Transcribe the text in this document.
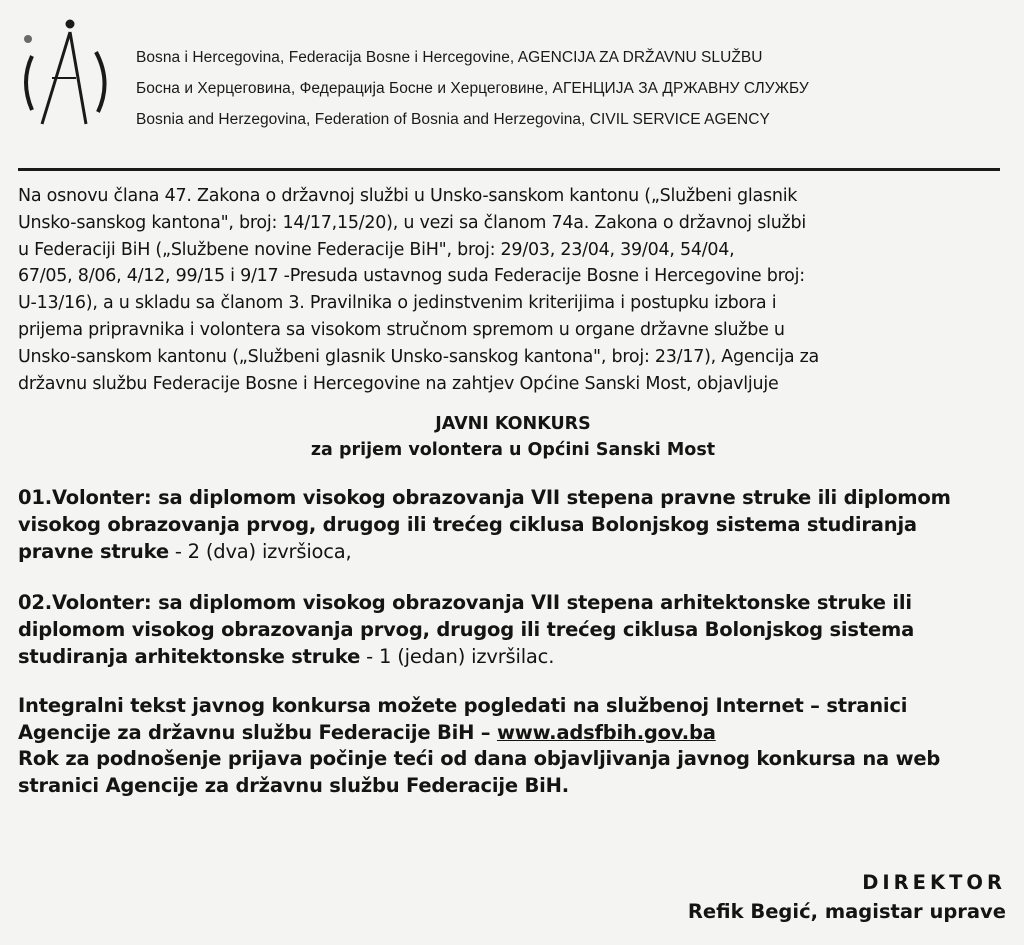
Bosna i Hercegovina, Federacija Bosne i Hercegovine, AGENCIJA ZA DRŽAVNU SLUŽBU
Босна и Херцеговина, Федерација Босне и Херцеговине, АГЕНЦИЈА ЗА ДРЖАВНУ СЛУЖБУ
Bosnia and Herzegovina, Federation of Bosnia and Herzegovina, CIVIL SERVICE AGENCY

Na osnovu člana 47. Zakona o državnoj službi u Unsko-sanskom kantonu („Službeni glasnik
Unsko-sanskog kantona", broj: 14/17,15/20), u vezi sa članom 74a. Zakona o državnoj službi
u Federaciji BiH („Službene novine Federacije BiH", broj: 29/03, 23/04, 39/04, 54/04,
67/05, 8/06, 4/12, 99/15 i 9/17 -Presuda ustavnog suda Federacije Bosne i Hercegovine broj:
U-13/16), a u skladu sa članom 3. Pravilnika o jedinstvenim kriterijima i postupku izbora i
prijema pripravnika i volontera sa visokom stručnom spremom u organe državne službe u
Unsko-sanskom kantonu („Službeni glasnik Unsko-sanskog kantona", broj: 23/17), Agencija za
državnu službu Federacije Bosne i Hercegovine na zahtjev Općine Sanski Most, objavljuje

JAVNI KONKURS
za prijem volontera u Općini Sanski Most

01.Volonter: sa diplomom visokog obrazovanja VII stepena pravne struke ili diplomom
visokog obrazovanja prvog, drugog ili trećeg ciklusa Bolonjskog sistema studiranja
pravne struke - 2 (dva) izvršioca,

02.Volonter: sa diplomom visokog obrazovanja VII stepena arhitektonske struke ili
diplomom visokog obrazovanja prvog, drugog ili trećeg ciklusa Bolonjskog sistema
studiranja arhitektonske struke - 1 (jedan) izvršilac.

Integralni tekst javnog konkursa možete pogledati na službenoj Internet – stranici
Agencije za državnu službu Federacije BiH – www.adsfbih.gov.ba
Rok za podnošenje prijava počinje teći od dana objavljivanja javnog konkursa na web
stranici Agencije za državnu službu Federacije BiH.
DIREKTOR
Refik Begić, magistar uprave
